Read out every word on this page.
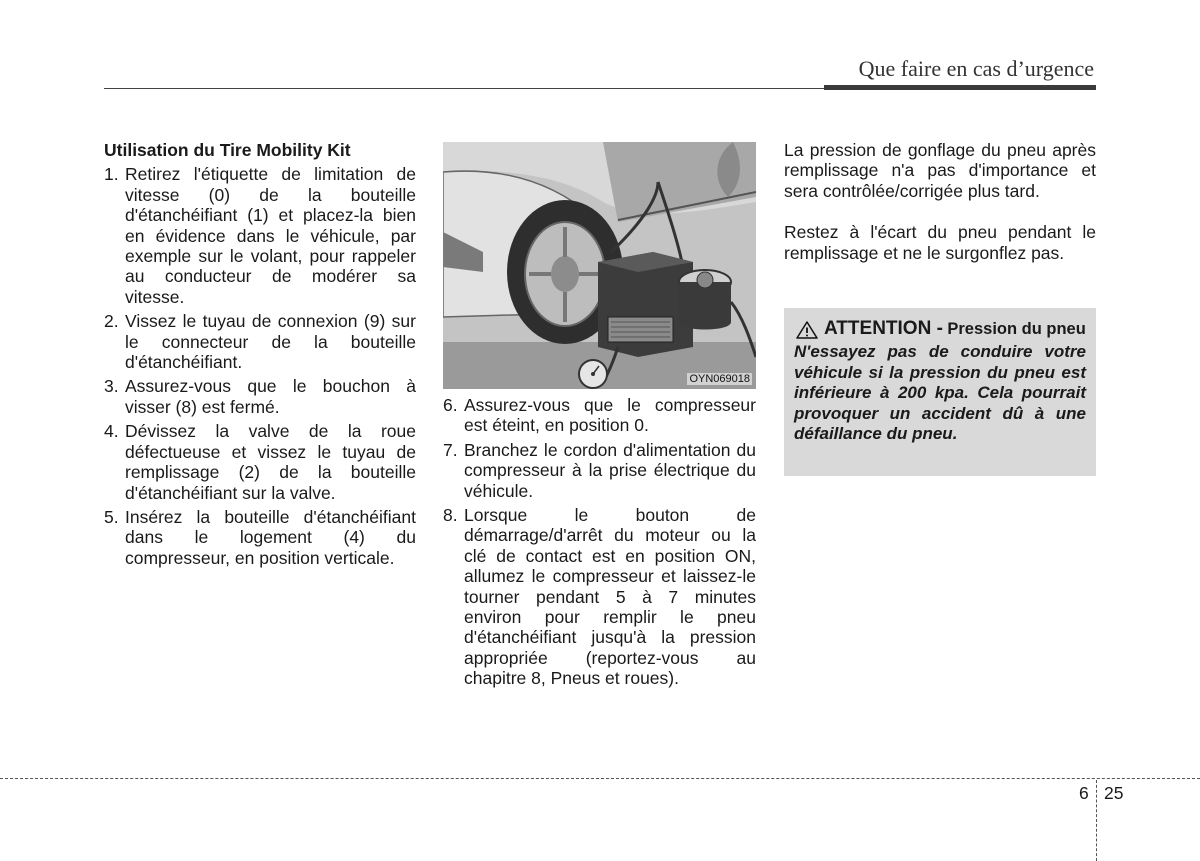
Que faire en cas d’urgence
Utilisation du Tire Mobility Kit
1. Retirez l'étiquette de limitation de vitesse (0) de la bouteille d'étanchéifiant (1) et placez-la bien en évidence dans le véhicule, par exemple sur le volant, pour rappeler au conducteur de modérer sa vitesse.
2. Vissez le tuyau de connexion (9) sur le connecteur de la bouteille d'étanchéifiant.
3. Assurez-vous que le bouchon à visser (8) est fermé.
4. Dévissez la valve de la roue défectueuse et vissez le tuyau de remplissage (2) de la bouteille d'étanchéifiant sur la valve.
5. Insérez la bouteille d'étanchéifiant dans le logement (4) du compresseur, en position verticale.
OYN069018
6. Assurez-vous que le compresseur est éteint, en position 0.
7. Branchez le cordon d'alimentation du compresseur à la prise électrique du véhicule.
8. Lorsque le bouton de démarrage/d'arrêt du moteur ou la clé de contact est en position ON, allumez le compresseur et laissez-le tourner pendant 5 à 7 minutes environ pour remplir le pneu d'étanchéifiant jusqu'à la pression appropriée (reportez-vous au chapitre 8, Pneus et roues).

La pression de gonflage du pneu après remplissage n'a pas d'importance et sera contrôlée/corrigée plus tard.

Restez à l'écart du pneu pendant le remplissage et ne le surgonflez pas.

ATTENTION - Pression du pneu
N'essayez pas de conduire votre véhicule si la pression du pneu est inférieure à 200 kpa. Cela pourrait provoquer un accident dû à une défaillance du pneu.
6 25
